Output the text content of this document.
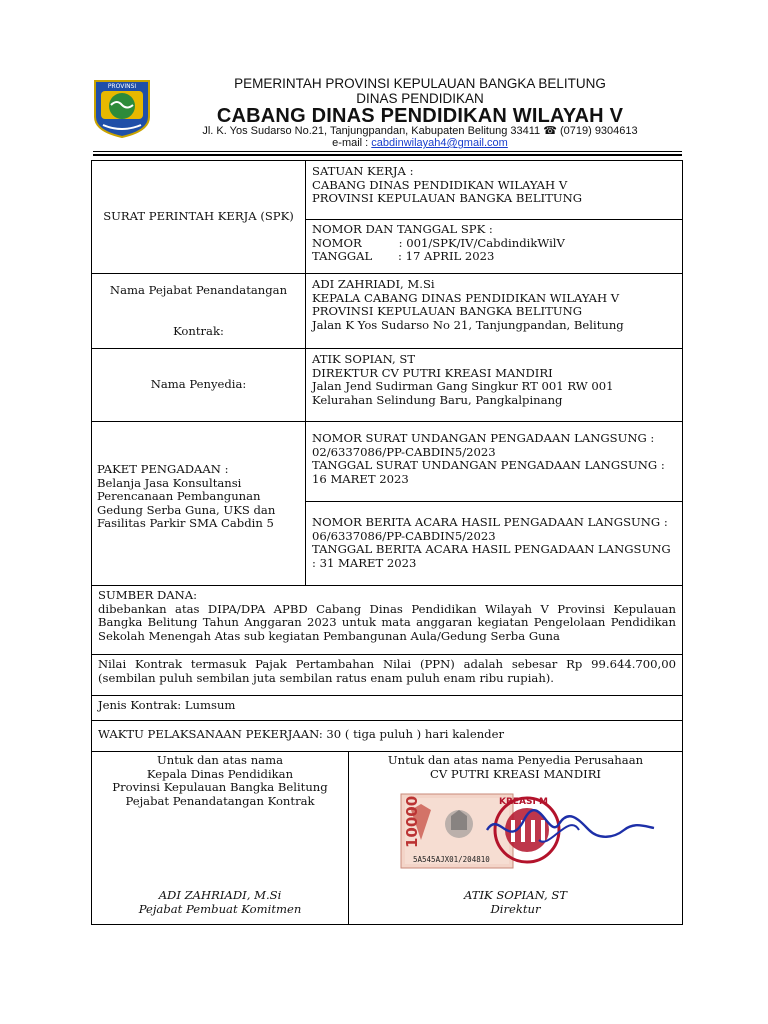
PROVINSI	PEMERINTAH PROVINSI KEPULAUAN BANGKA BELITUNG
DINAS PENDIDIKAN
CABANG DINAS PENDIDIKAN WILAYAH V
Jl. K. Yos Sudarso No.21, Tanjungpandan, Kabupaten Belitung 33411 ☎ (0719) 9304613
e-mail : cabdinwilayah4@gmail.com
SURAT PERINTAH KERJA (SPK)
SATUAN KERJA :
CABANG DINAS PENDIDIKAN WILAYAH V
PROVINSI KEPULAUAN BANGKA BELITUNG
NOMOR DAN TANGGAL SPK :
NOMOR          : 001/SPK/IV/CabdindikWilV
TANGGAL       : 17 APRIL 2023

Nama Pejabat Penandatangan

Kontrak:

ADI ZAHRIADI, M.Si
KEPALA CABANG DINAS PENDIDIKAN WILAYAH V
PROVINSI KEPULAUAN BANGKA BELITUNG
Jalan K Yos Sudarso No 21, Tanjungpandan, Belitung
Nama Penyedia:
ATIK SOPIAN, ST
DIREKTUR CV PUTRI KREASI MANDIRI
Jalan Jend Sudirman Gang Singkur RT 001 RW 001
Kelurahan Selindung Baru, Pangkalpinang
PAKET PENGADAAN :
Belanja Jasa Konsultansi
Perencanaan Pembangunan
Gedung Serba Guna, UKS dan
Fasilitas Parkir SMA Cabdin 5
NOMOR SURAT UNDANGAN PENGADAAN LANGSUNG :
02/6337086/PP-CABDIN5/2023
TANGGAL SURAT UNDANGAN PENGADAAN LANGSUNG :
16 MARET 2023
NOMOR BERITA ACARA HASIL PENGADAAN LANGSUNG :
06/6337086/PP-CABDIN5/2023
TANGGAL BERITA ACARA HASIL PENGADAAN LANGSUNG
: 31 MARET 2023
SUMBER DANA:
dibebankan atas DIPA/DPA APBD Cabang Dinas Pendidikan Wilayah V Provinsi Kepulauan Bangka Belitung Tahun Anggaran 2023 untuk mata anggaran kegiatan Pengelolaan Pendidikan Sekolah Menengah Atas sub kegiatan Pembangunan Aula/Gedung Serba Guna
Nilai Kontrak termasuk Pajak Pertambahan Nilai (PPN) adalah sebesar Rp 99.644.700,00 (sembilan puluh sembilan juta sembilan ratus enam puluh enam ribu rupiah).
Jenis Kontrak: Lumsum
WAKTU PELAKSANAAN PEKERJAAN: 30 ( tiga puluh ) hari kalender
Untuk dan atas nama
Kepala Dinas Pendidikan
Provinsi Kepulauan Bangka Belitung
Pejabat Penandatangan Kontrak
ADI ZAHRIADI, M.Si
Pejabat Pembuat Komitmen
Untuk dan atas nama Penyedia Perusahaan
CV PUTRI KREASI MANDIRI
10000
5A545AJX01/204810
KREASI M
ATIK SOPIAN, ST
Direktur
